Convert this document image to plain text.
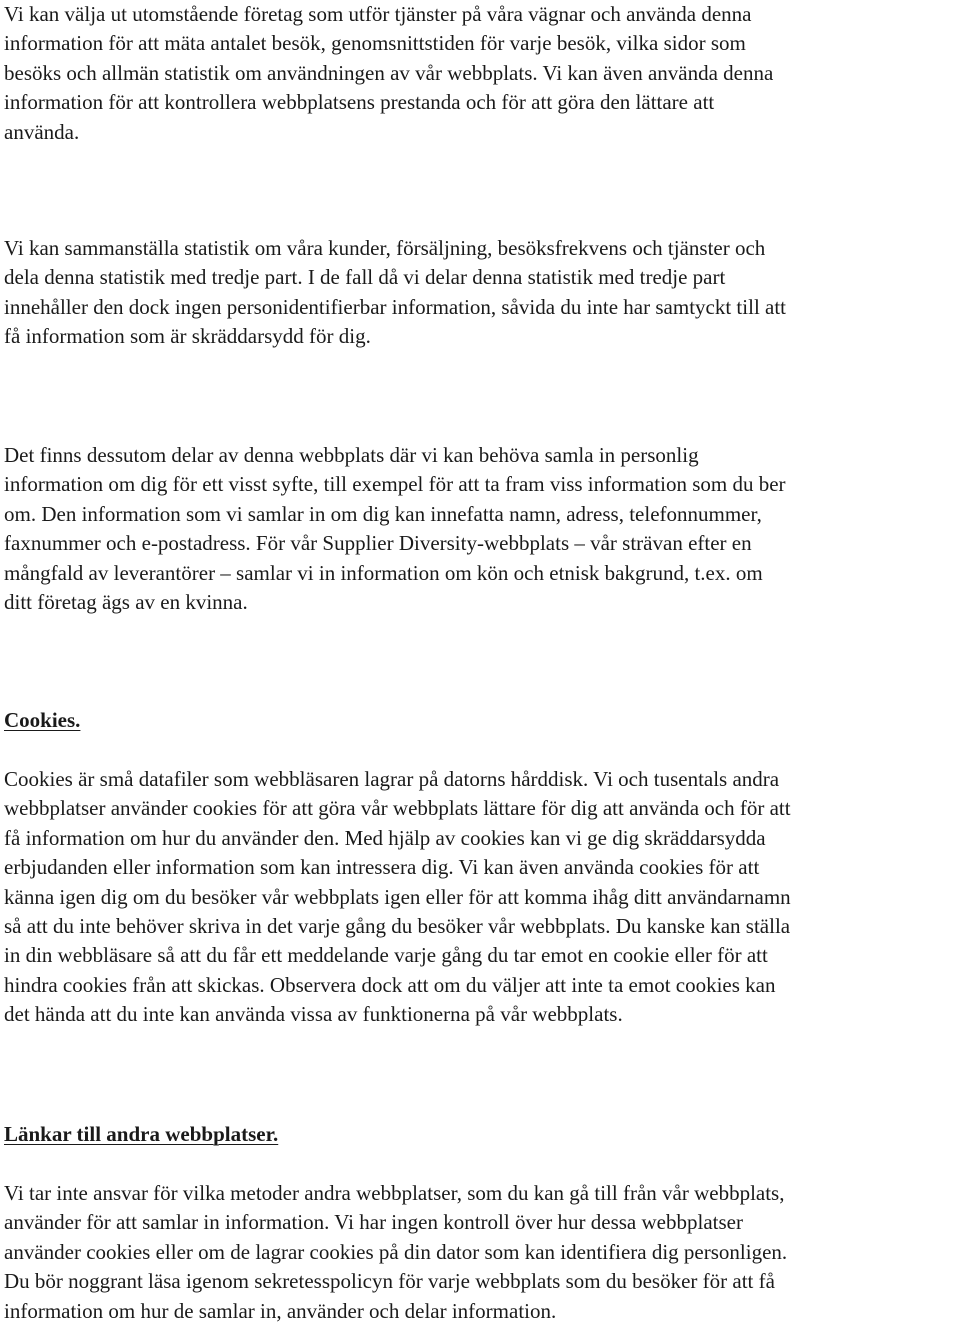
Vi kan välja ut utomstående företag som utför tjänster på våra vägnar och använda denna
information för att mäta antalet besök, genomsnittstiden för varje besök, vilka sidor som
besöks och allmän statistik om användningen av vår webbplats. Vi kan även använda denna
information för att kontrollera webbplatsens prestanda och för att göra den lättare att
använda.

Vi kan sammanställa statistik om våra kunder, försäljning, besöksfrekvens och tjänster och
dela denna statistik med tredje part. I de fall då vi delar denna statistik med tredje part
innehåller den dock ingen personidentifierbar information, såvida du inte har samtyckt till att
få information som är skräddarsydd för dig.

Det finns dessutom delar av denna webbplats där vi kan behöva samla in personlig
information om dig för ett visst syfte, till exempel för att ta fram viss information som du ber
om. Den information som vi samlar in om dig kan innefatta namn, adress, telefonnummer,
faxnummer och e-postadress. För vår Supplier Diversity-webbplats – vår strävan efter en
mångfald av leverantörer – samlar vi in information om kön och etnisk bakgrund, t.ex. om
ditt företag ägs av en kvinna.

Cookies.

Cookies är små datafiler som webbläsaren lagrar på datorns hårddisk. Vi och tusentals andra
webbplatser använder cookies för att göra vår webbplats lättare för dig att använda och för att
få information om hur du använder den. Med hjälp av cookies kan vi ge dig skräddarsydda
erbjudanden eller information som kan intressera dig. Vi kan även använda cookies för att
känna igen dig om du besöker vår webbplats igen eller för att komma ihåg ditt användarnamn
så att du inte behöver skriva in det varje gång du besöker vår webbplats. Du kanske kan ställa
in din webbläsare så att du får ett meddelande varje gång du tar emot en cookie eller för att
hindra cookies från att skickas. Observera dock att om du väljer att inte ta emot cookies kan
det hända att du inte kan använda vissa av funktionerna på vår webbplats.

Länkar till andra webbplatser.

Vi tar inte ansvar för vilka metoder andra webbplatser, som du kan gå till från vår webbplats,
använder för att samlar in information. Vi har ingen kontroll över hur dessa webbplatser
använder cookies eller om de lagrar cookies på din dator som kan identifiera dig personligen.
Du bör noggrant läsa igenom sekretesspolicyn för varje webbplats som du besöker för att få
information om hur de samlar in, använder och delar information.
